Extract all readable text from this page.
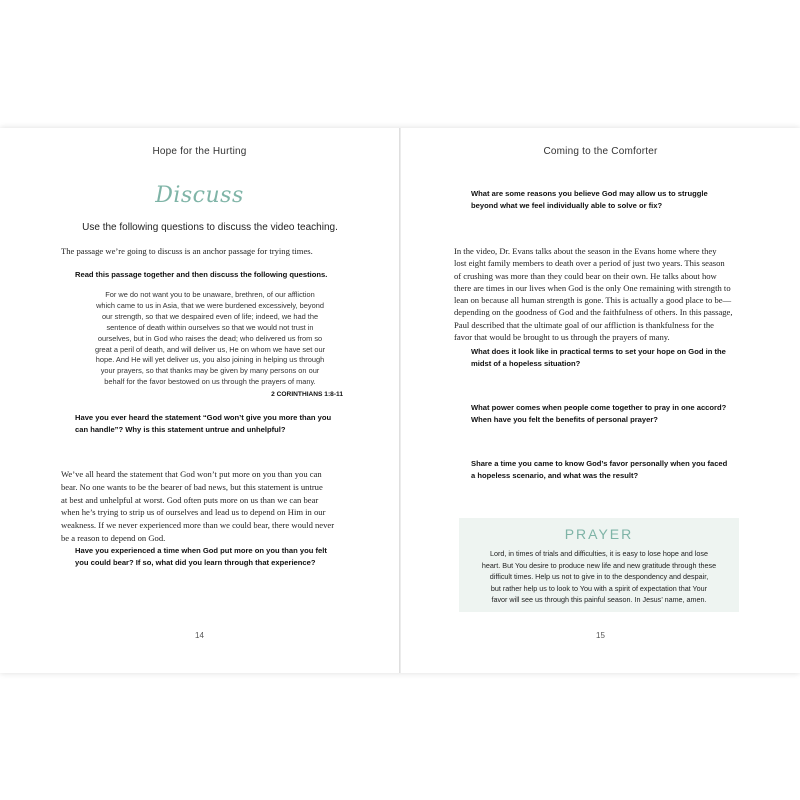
Hope for the Hurting
Discuss
Use the following questions to discuss the video teaching.
The passage we’re going to discuss is an anchor passage for trying times.
Read this passage together and then discuss the following questions.
For we do not want you to be unaware, brethren, of our affliction
which came to us in Asia, that we were burdened excessively, beyond
our strength, so that we despaired even of life; indeed, we had the
sentence of death within ourselves so that we would not trust in
ourselves, but in God who raises the dead; who delivered us from so
great a peril of death, and will deliver us, He on whom we have set our
hope. And He will yet deliver us, you also joining in helping us through
your prayers, so that thanks may be given by many persons on our
behalf for the favor bestowed on us through the prayers of many.
2 CORINTHIANS 1:8-11
Have you ever heard the statement “God won’t give you more than you
can handle”? Why is this statement untrue and unhelpful?
We’ve all heard the statement that God won’t put more on you than you can
bear. No one wants to be the bearer of bad news, but this statement is untrue
at best and unhelpful at worst. God often puts more on us than we can bear
when he’s trying to strip us of ourselves and lead us to depend on Him in our
weakness. If we never experienced more than we could bear, there would never
be a reason to depend on God.
Have you experienced a time when God put more on you than you felt
you could bear? If so, what did you learn through that experience?
14
Coming to the Comforter
What are some reasons you believe God may allow us to struggle
beyond what we feel individually able to solve or fix?
In the video, Dr. Evans talks about the season in the Evans home where they
lost eight family members to death over a period of just two years. This season
of crushing was more than they could bear on their own. He talks about how
there are times in our lives when God is the only One remaining with strength to
lean on because all human strength is gone. This is actually a good place to be—
depending on the goodness of God and the faithfulness of others. In this passage,
Paul described that the ultimate goal of our affliction is thankfulness for the
favor that would be brought to us through the prayers of many.
What does it look like in practical terms to set your hope on God in the
midst of a hopeless situation?
What power comes when people come together to pray in one accord?
When have you felt the benefits of personal prayer?
Share a time you came to know God’s favor personally when you faced
a hopeless scenario, and what was the result?
PRAYER
Lord, in times of trials and difficulties, it is easy to lose hope and lose
heart. But You desire to produce new life and new gratitude through these
difficult times. Help us not to give in to the despondency and despair,
but rather help us to look to You with a spirit of expectation that Your
favor will see us through this painful season. In Jesus’ name, amen.
15
